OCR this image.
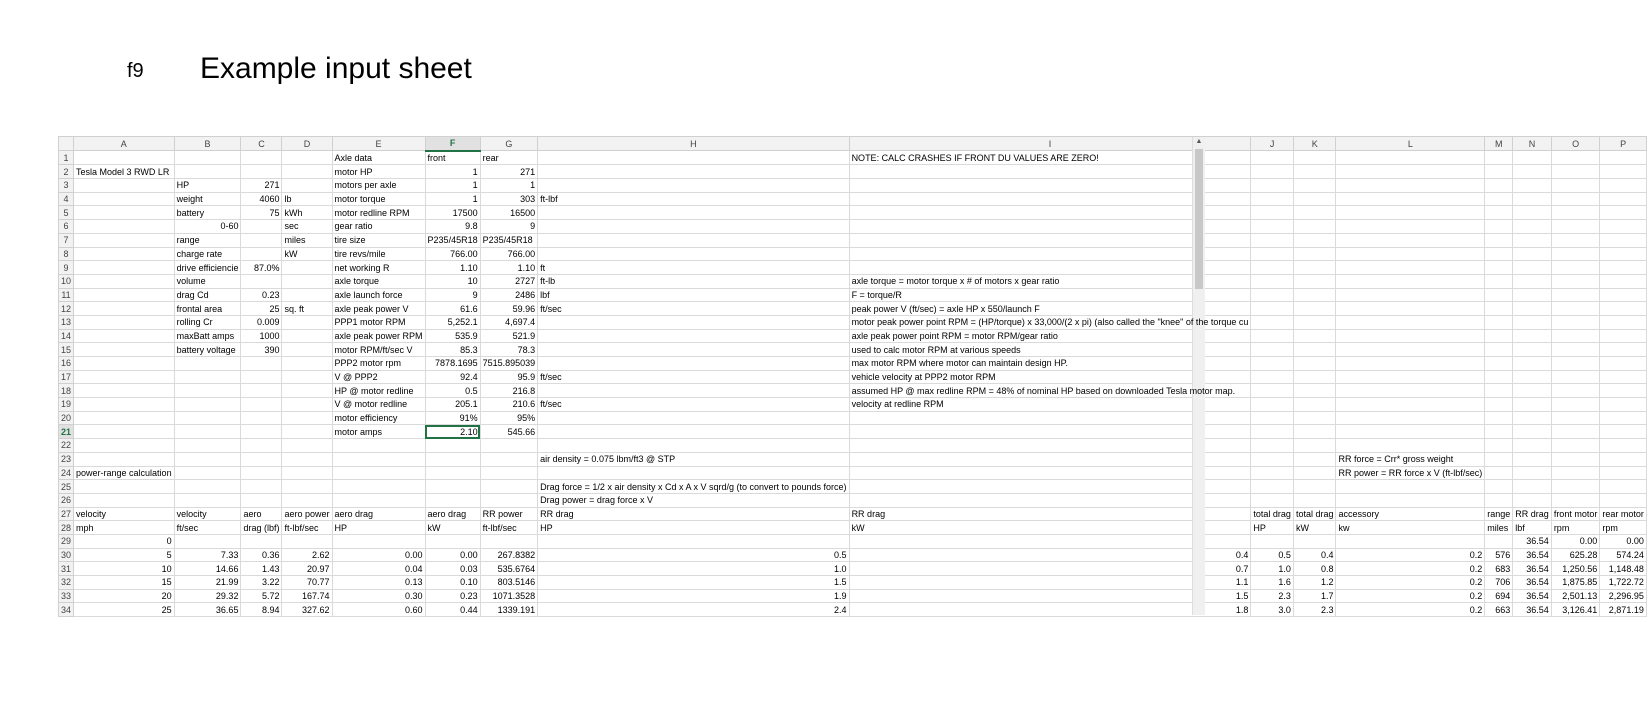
f9 Example input sheet
	A	B	C	D	E	F	G	H	I	J	K	L	M	N	O	P
1					Axle data	front	rear		NOTE: CALC CRASHES IF FRONT DU VALUES ARE ZERO!							
2	Tesla Model 3 RWD LR				motor HP	1	271									
3		HP	271		motors per axle	1	1									
4		weight	4060	lb	motor torque	1	303	ft-lbf								
5		battery	75	kWh	motor redline RPM	17500	16500									
6		0-60		sec	gear ratio	9.8	9									
7		range		miles	tire size	P235/45R18	P235/45R18									
8		charge rate		kW	tire revs/mile	766.00	766.00									
9		drive efficiencie	87.0%		net working R	1.10	1.10	ft								
10		volume			axle torque	10	2727	ft-lb	axle torque = motor torque x # of motors x gear ratio							
11		drag Cd	0.23		axle launch force	9	2486	lbf	F = torque/R							
12		frontal area	25	sq. ft	axle peak power V	61.6	59.96	ft/sec	peak power V (ft/sec) = axle HP x 550/launch F							
13		rolling Cr	0.009		PPP1 motor RPM	5,252.1	4,697.4		motor peak power point RPM = (HP/torque) x 33,000/(2 x pi) (also called the "knee" of the torque cu							
14		maxBatt amps	1000		axle peak power RPM	535.9	521.9		axle peak power point RPM = motor RPM/gear ratio							
15		battery voltage	390		motor RPM/ft/sec V	85.3	78.3		used to calc motor RPM at various speeds							
16					PPP2 motor rpm	7878.1695	7515.895039		max motor RPM where motor can maintain design HP.							
17					V @ PPP2	92.4	95.9	ft/sec	vehicle velocity at PPP2 motor RPM							
18					HP @ motor redline	0.5	216.8		assumed HP @ max redline RPM = 48% of nominal HP based on downloaded Tesla motor map.							
19					V @ motor redline	205.1	210.6	ft/sec	velocity at redline RPM							
20					motor efficiency	91%	95%									
21					motor amps	2.10	545.66									
22																
23								air density = 0.075 lbm/ft3 @ STP				RR force = Crr* gross weight				
24	power-range calculation											RR power = RR force x V (ft-lbf/sec)				
25								Drag force = 1/2 x air density x Cd x A x V sqrd/g (to convert to pounds force)								
26								Drag power = drag force x V								
27	velocity	velocity	aero	aero power	aero drag	aero drag	RR power	RR drag	RR drag	total drag	total drag	accessory	range	RR drag	front motor	rear motor
28	mph	ft/sec	drag (lbf)	ft-lbf/sec	HP	kW	ft-lbf/sec	HP	kW	HP	kW	kw	miles	lbf	rpm	rpm
29	0													36.54	0.00	0.00
30	5	7.33	0.36	2.62	0.00	0.00	267.8382	0.5	0.4	0.5	0.4	0.2	576	36.54	625.28	574.24
31	10	14.66	1.43	20.97	0.04	0.03	535.6764	1.0	0.7	1.0	0.8	0.2	683	36.54	1,250.56	1,148.48
32	15	21.99	3.22	70.77	0.13	0.10	803.5146	1.5	1.1	1.6	1.2	0.2	706	36.54	1,875.85	1,722.72
33	20	29.32	5.72	167.74	0.30	0.23	1071.3528	1.9	1.5	2.3	1.7	0.2	694	36.54	2,501.13	2,296.95
34	25	36.65	8.94	327.62	0.60	0.44	1339.191	2.4	1.8	3.0	2.3	0.2	663	36.54	3,126.41	2,871.19
▲
